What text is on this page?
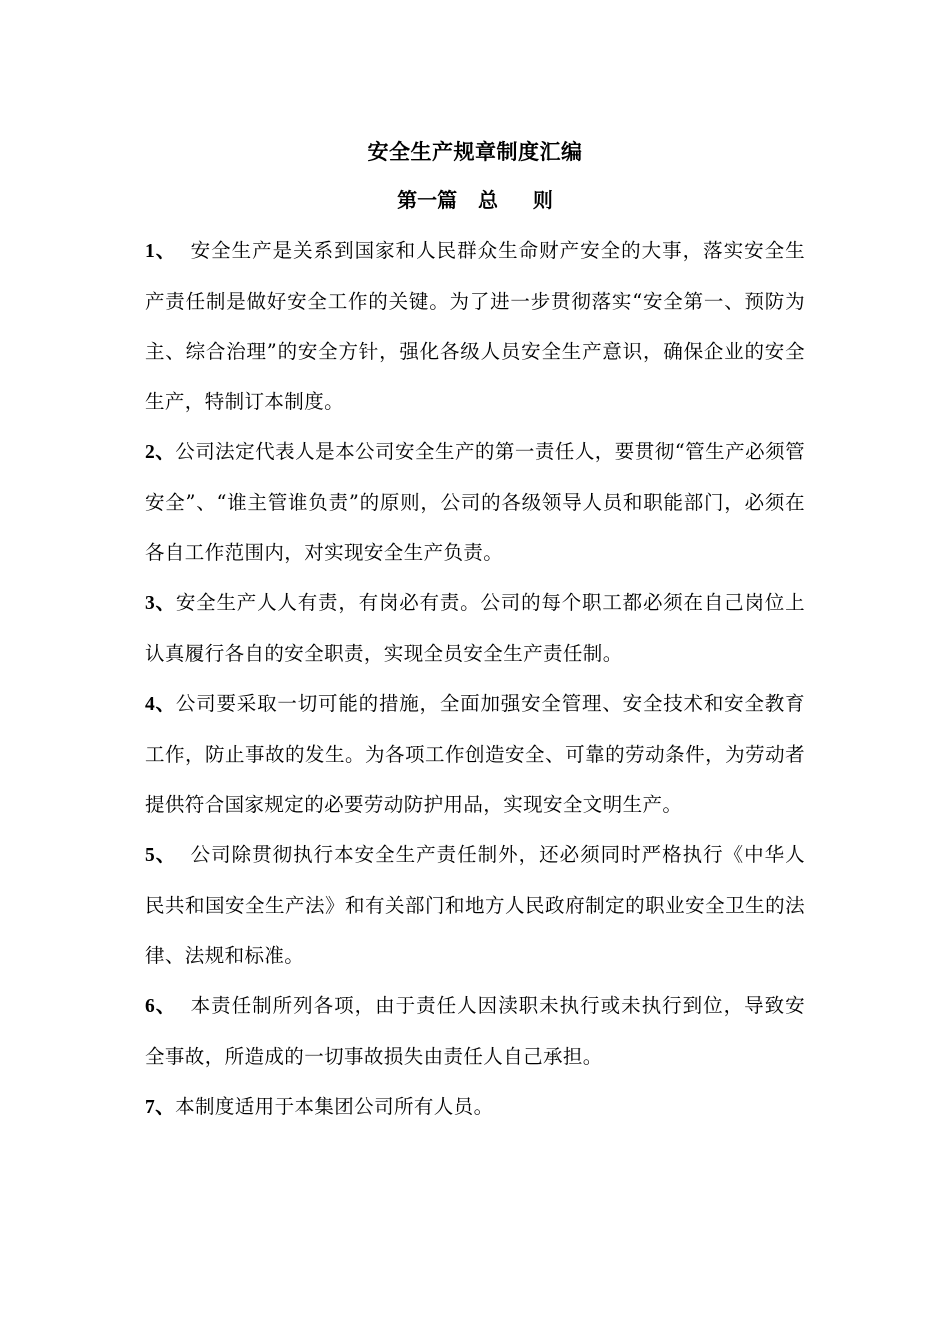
安全生产规章制度汇编
第一篇   总     则

1、  安全生产是关系到国家和人民群众生命财产安全的大事，落实安全生产责任制是做好安全工作的关键。为了进一步贯彻落实“安全第一、预防为主、综合治理”的安全方针，强化各级人员安全生产意识，确保企业的安全生产，特制订本制度。

2、公司法定代表人是本公司安全生产的第一责任人，要贯彻“管生产必须管安全”、“谁主管谁负责”的原则，公司的各级领导人员和职能部门，必须在各自工作范围内，对实现安全生产负责。

3、安全生产人人有责，有岗必有责。公司的每个职工都必须在自己岗位上认真履行各自的安全职责，实现全员安全生产责任制。

4、公司要采取一切可能的措施，全面加强安全管理、安全技术和安全教育工作，防止事故的发生。为各项工作创造安全、可靠的劳动条件，为劳动者提供符合国家规定的必要劳动防护用品，实现安全文明生产。

5、  公司除贯彻执行本安全生产责任制外，还必须同时严格执行《中华人民共和国安全生产法》和有关部门和地方人民政府制定的职业安全卫生的法律、法规和标准。

6、  本责任制所列各项，由于责任人因渎职未执行或未执行到位，导致安全事故，所造成的一切事故损失由责任人自己承担。

7、本制度适用于本集团公司所有人员。
